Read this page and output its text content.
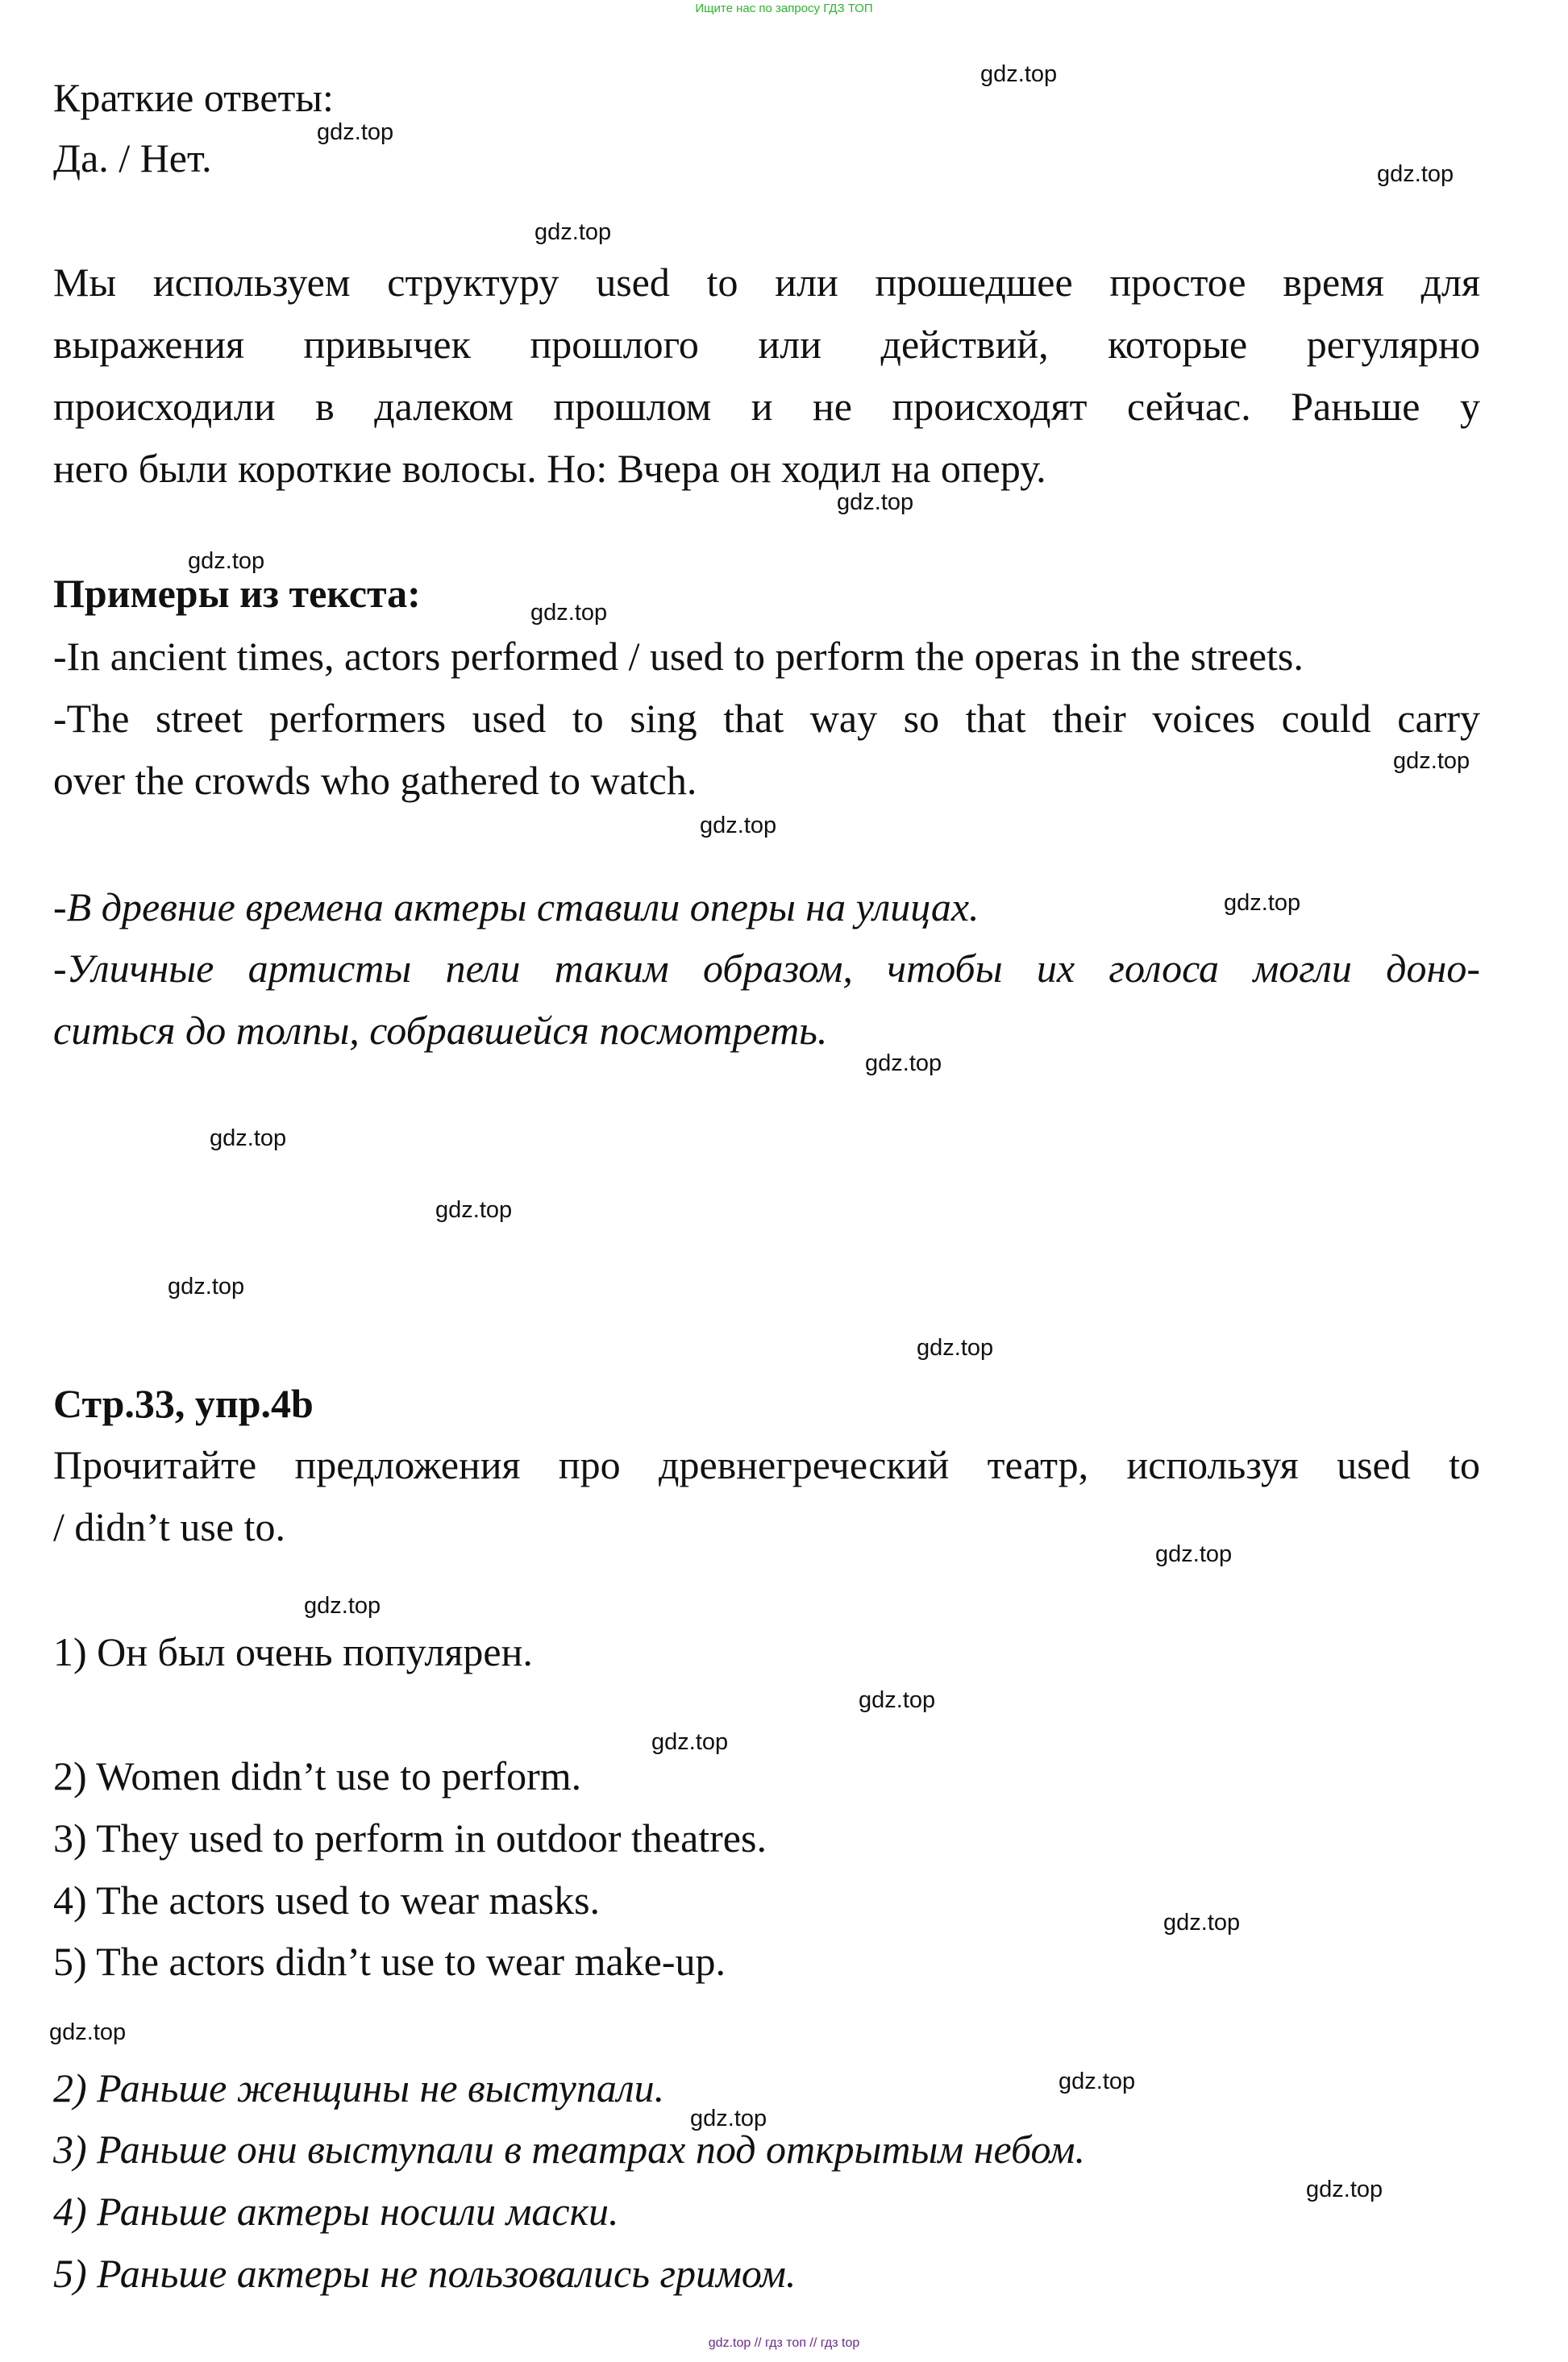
Ищите нас по запросу ГДЗ ТОП
Краткие ответы:
Да. / Нет.
Мы используем структуру used to или прошедшее простое время для
выражения привычек прошлого или действий, которые регулярно
происходили в далеком прошлом и не происходят сейчас. Раньше у
него были короткие волосы. Но: Вчера он ходил на оперу.
Примеры из текста:
-In ancient times, actors performed / used to perform the operas in the streets.
-The street performers used to sing that way so that their voices could carry
over the crowds who gathered to watch.
-В древние времена актеры ставили оперы на улицах.
-Уличные артисты пели таким образом, чтобы их голоса могли доно-
ситься до толпы, собравшейся посмотреть.
Стр.33, упр.4b
Прочитайте предложения про древнегреческий театр, используя used to
/ didn’t use to.
1) Он был очень популярен.
2) Women didn’t use to perform.
3) They used to perform in outdoor theatres.
4) The actors used to wear masks.
5) The actors didn’t use to wear make-up.
2) Раньше женщины не выступали.
3) Раньше они выступали в театрах под открытым небом.
4) Раньше актеры носили маски.
5) Раньше актеры не пользовались гримом.
gdz.top
gdz.top
gdz.top
gdz.top
gdz.top
gdz.top
gdz.top
gdz.top
gdz.top
gdz.top
gdz.top
gdz.top
gdz.top
gdz.top
gdz.top
gdz.top
gdz.top
gdz.top
gdz.top
gdz.top
gdz.top
gdz.top
gdz.top
gdz.top
gdz.top // гдз топ // гдз top
